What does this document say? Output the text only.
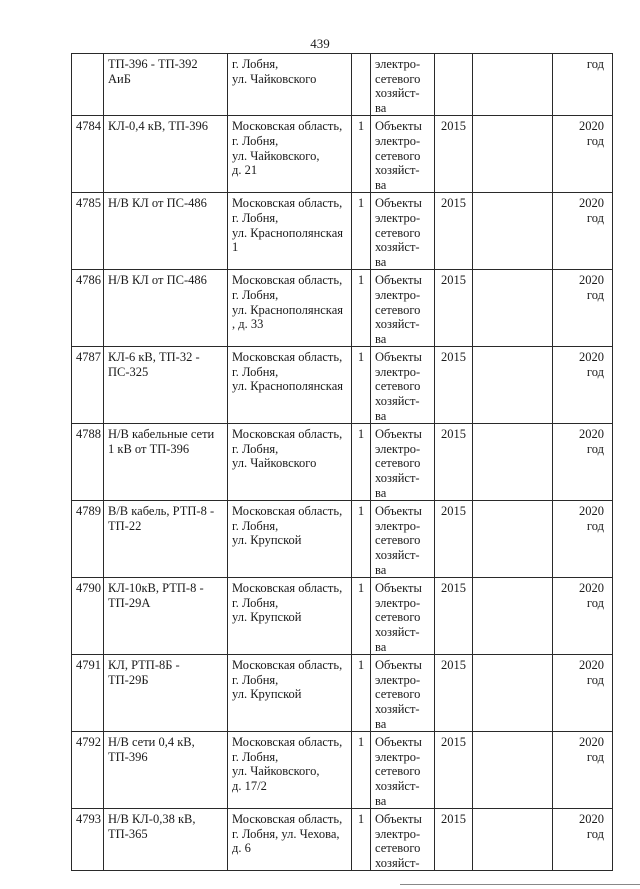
439

	ТП-396 - ТП-392
АиБ	г. Лобня,
ул. Чайковского		электро-
сетевого
хозяйст-
ва			год

4784	КЛ-0,4 кВ, ТП-396	Московская область,
г. Лобня,
ул. Чайковского,
д. 21	1	Объекты
электро-
сетевого
хозяйст-
ва	2015		2020
год

4785	Н/В КЛ от ПС-486	Московская область,
г. Лобня,
ул. Краснополянская
1	1	Объекты
электро-
сетевого
хозяйст-
ва	2015		2020
год

4786	Н/В КЛ от ПС-486	Московская область,
г. Лобня,
ул. Краснополянская
, д. 33	1	Объекты
электро-
сетевого
хозяйст-
ва	2015		2020
год

4787	КЛ-6 кВ, ТП-32 -
ПС-325	Московская область,
г. Лобня,
ул. Краснополянская	1	Объекты
электро-
сетевого
хозяйст-
ва	2015		2020
год

4788	Н/В кабельные сети
1 кВ от ТП-396	Московская область,
г. Лобня,
ул. Чайковского	1	Объекты
электро-
сетевого
хозяйст-
ва	2015		2020
год

4789	В/В кабель, РТП-8 -
ТП-22	Московская область,
г. Лобня,
ул. Крупской	1	Объекты
электро-
сетевого
хозяйст-
ва	2015		2020
год

4790	КЛ-10кВ, РТП-8 -
ТП-29А	Московская область,
г. Лобня,
ул. Крупской	1	Объекты
электро-
сетевого
хозяйст-
ва	2015		2020
год

4791	КЛ, РТП-8Б -
ТП-29Б	Московская область,
г. Лобня,
ул. Крупской	1	Объекты
электро-
сетевого
хозяйст-
ва	2015		2020
год

4792	Н/В сети 0,4 кВ,
ТП-396	Московская область,
г. Лобня,
ул. Чайковского,
д. 17/2	1	Объекты
электро-
сетевого
хозяйст-
ва	2015		2020
год

4793	Н/В КЛ-0,38 кВ,
ТП-365	Московская область,
г. Лобня, ул. Чехова,
д. 6	1	Объекты
электро-
сетевого
хозяйст-	2015		2020
год
